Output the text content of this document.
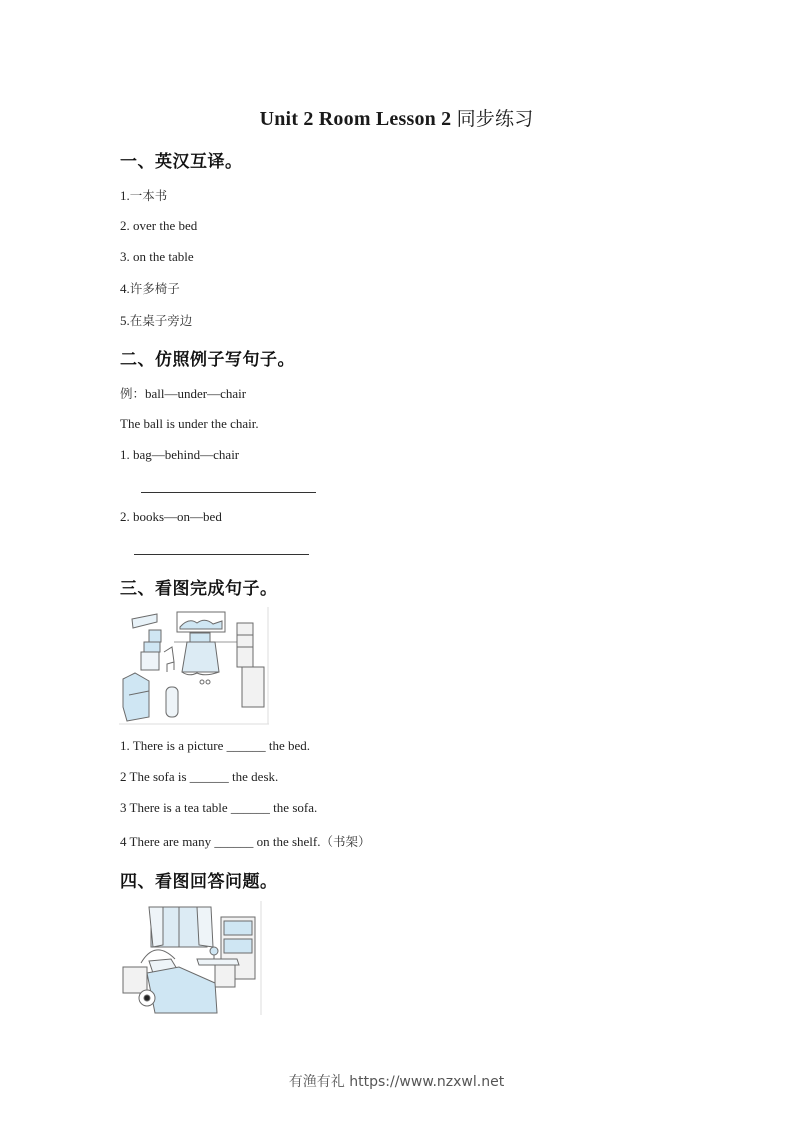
Unit 2 Room Lesson 2 同步练习
一、英汉互译。
1.一本书
2. over the bed
3. on the table
4.许多椅子
5.在桌子旁边
二、仿照例子写句子。
例：ball—under—chair
The ball is under the chair.
1. bag—behind—chair
2. books—on—bed
三、看图完成句子。
1. There is a picture ______ the bed.
2 The sofa is ______ the desk.
3 There is a tea table ______ the sofa.
4 There are many ______ on the shelf.（书架）
四、看图回答问题。
有渔有礼 https://www.nzxwl.net
